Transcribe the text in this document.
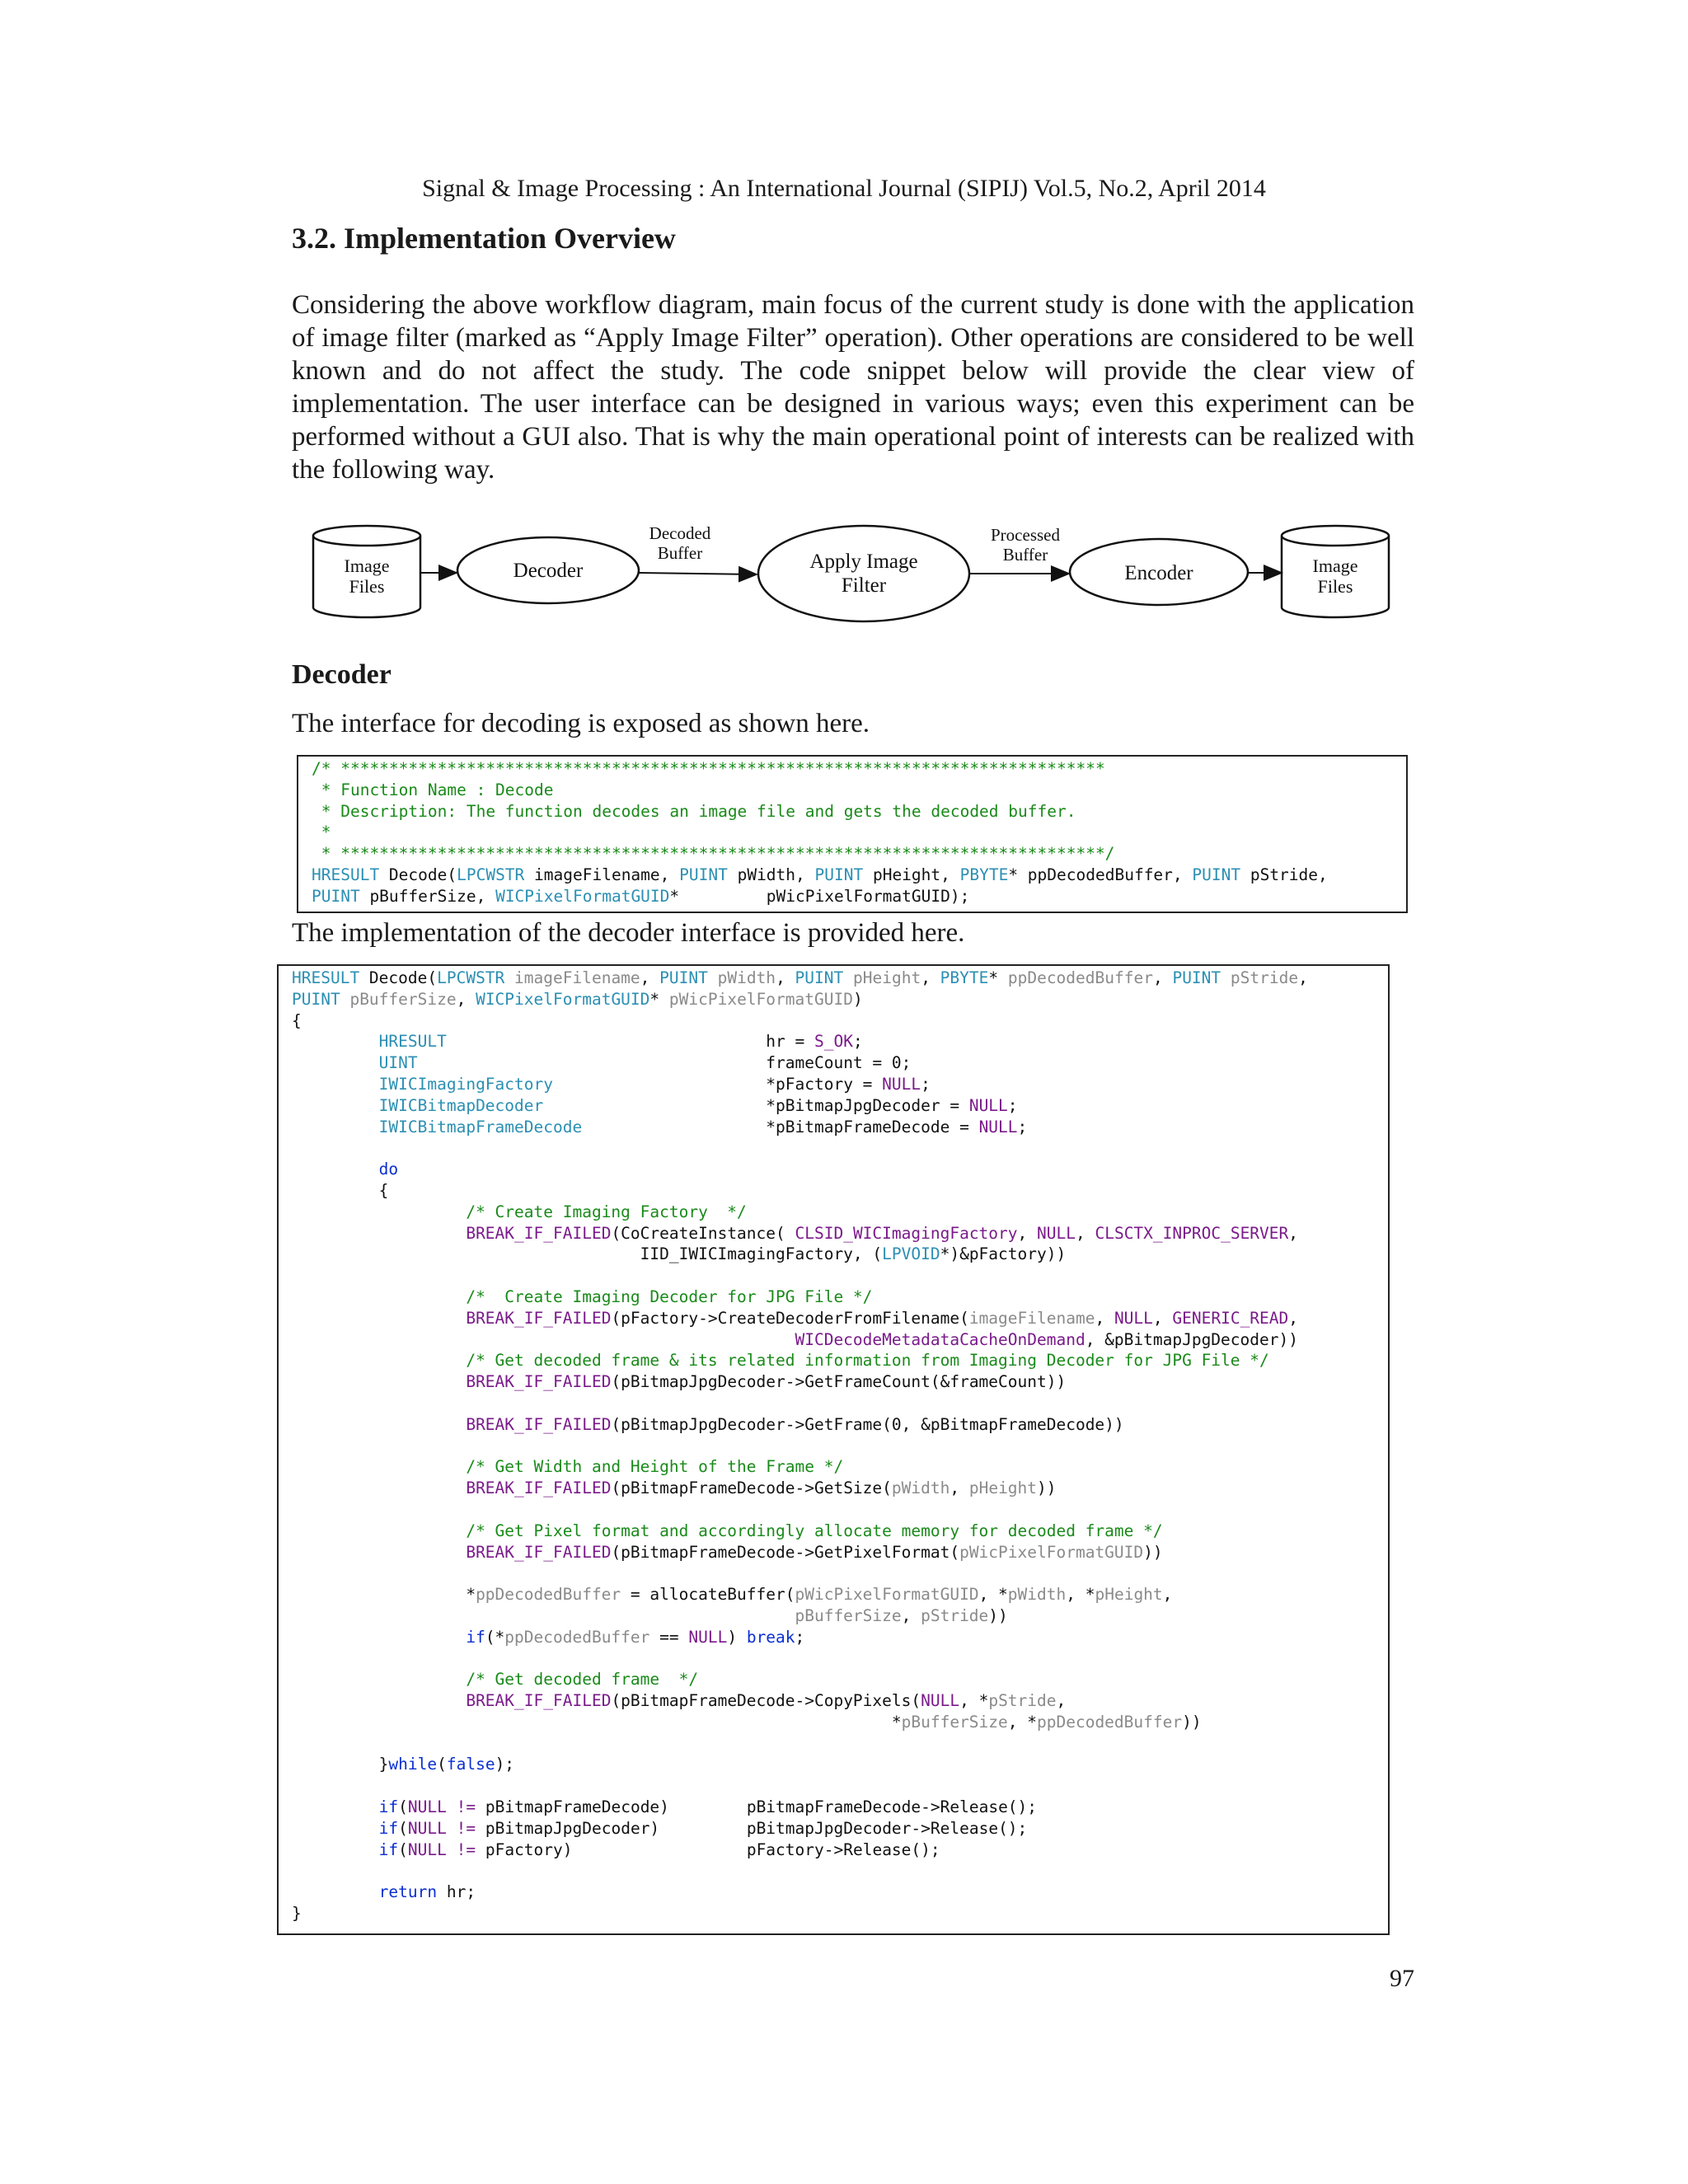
Signal & Image Processing : An International Journal (SIPIJ) Vol.5, No.2, April 2014
3.2. Implementation Overview

Considering the above workflow diagram, main focus of the current study is done with the application of image filter (marked as “Apply Image Filter” operation). Other operations are considered to be well known and do not affect the study. The code snippet below will provide the clear view of implementation. The user interface can be designed in various ways; even this experiment can be performed without a GUI also. That is why the main operational point of interests can be realized with the following way.

Image
Files
Decoder
Decoded
Buffer	Apply Image
Filter
Processed
Buffer
Encoder	Image
Files
Decoder
The interface for decoding is exposed as shown here.
/* *******************************************************************************
* Function Name : Decode
* Description: The function decodes an image file and gets the decoded buffer.
*
* *******************************************************************************/
HRESULT Decode(LPCWSTR imageFilename, PUINT pWidth, PUINT pHeight, PBYTE* ppDecodedBuffer, PUINT pStride,
PUINT pBufferSize, WICPixelFormatGUID*         pWicPixelFormatGUID);
The implementation of the decoder interface is provided here.
HRESULT Decode(LPCWSTR imageFilename, PUINT pWidth, PUINT pHeight, PBYTE* ppDecodedBuffer, PUINT pStride,
PUINT pBufferSize, WICPixelFormatGUID* pWicPixelFormatGUID)
{
HRESULT                                 hr = S_OK;
UINT                                    frameCount = 0;
IWICImagingFactory                      *pFactory = NULL;
IWICBitmapDecoder                       *pBitmapJpgDecoder = NULL;
IWICBitmapFrameDecode                   *pBitmapFrameDecode = NULL;

do
{
/* Create Imaging Factory  */
BREAK_IF_FAILED(CoCreateInstance( CLSID_WICImagingFactory, NULL, CLSCTX_INPROC_SERVER,
IID_IWICImagingFactory, (LPVOID*)&pFactory))

/*  Create Imaging Decoder for JPG File */
BREAK_IF_FAILED(pFactory->CreateDecoderFromFilename(imageFilename, NULL, GENERIC_READ,
WICDecodeMetadataCacheOnDemand, &pBitmapJpgDecoder))
/* Get decoded frame & its related information from Imaging Decoder for JPG File */
BREAK_IF_FAILED(pBitmapJpgDecoder->GetFrameCount(&frameCount))

BREAK_IF_FAILED(pBitmapJpgDecoder->GetFrame(0, &pBitmapFrameDecode))

/* Get Width and Height of the Frame */
BREAK_IF_FAILED(pBitmapFrameDecode->GetSize(pWidth, pHeight))

/* Get Pixel format and accordingly allocate memory for decoded frame */
BREAK_IF_FAILED(pBitmapFrameDecode->GetPixelFormat(pWicPixelFormatGUID))

*ppDecodedBuffer = allocateBuffer(pWicPixelFormatGUID, *pWidth, *pHeight,
pBufferSize, pStride))
if(*ppDecodedBuffer == NULL) break;

/* Get decoded frame  */
BREAK_IF_FAILED(pBitmapFrameDecode->CopyPixels(NULL, *pStride,
*pBufferSize, *ppDecodedBuffer))

}while(false);

if(NULL != pBitmapFrameDecode)        pBitmapFrameDecode->Release();
if(NULL != pBitmapJpgDecoder)         pBitmapJpgDecoder->Release();
if(NULL != pFactory)                  pFactory->Release();

return hr;
}
97
